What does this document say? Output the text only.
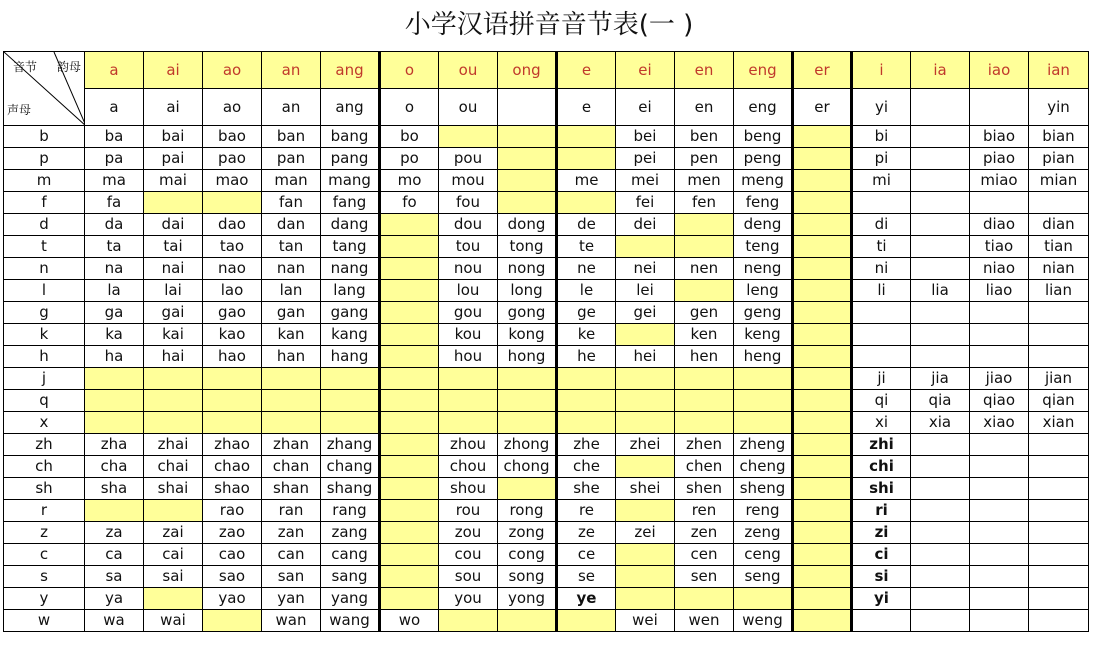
小学汉语拼音音节表(一 )
音节 韵母
声母	a	ai	ao	an	ang	o	ou	ong	e	ei	en	eng	er	i	ia	iao	ian
	a	ai	ao	an	ang	o	ou		e	ei	en	eng	er	yi			yin
b	ba	bai	bao	ban	bang	bo				bei	ben	beng		bi		biao	bian
p	pa	pai	pao	pan	pang	po	pou			pei	pen	peng		pi		piao	pian
m	ma	mai	mao	man	mang	mo	mou		me	mei	men	meng		mi		miao	mian
f	fa			fan	fang	fo	fou			fei	fen	feng					
d	da	dai	dao	dan	dang		dou	dong	de	dei		deng		di		diao	dian
t	ta	tai	tao	tan	tang		tou	tong	te			teng		ti		tiao	tian
n	na	nai	nao	nan	nang		nou	nong	ne	nei	nen	neng		ni		niao	nian
l	la	lai	lao	lan	lang		lou	long	le	lei		leng		li	lia	liao	lian
g	ga	gai	gao	gan	gang		gou	gong	ge	gei	gen	geng					
k	ka	kai	kao	kan	kang		kou	kong	ke		ken	keng					
h	ha	hai	hao	han	hang		hou	hong	he	hei	hen	heng					
j														ji	jia	jiao	jian
q														qi	qia	qiao	qian
x														xi	xia	xiao	xian
zh	zha	zhai	zhao	zhan	zhang		zhou	zhong	zhe	zhei	zhen	zheng		zhi			
ch	cha	chai	chao	chan	chang		chou	chong	che		chen	cheng		chi			
sh	sha	shai	shao	shan	shang		shou		she	shei	shen	sheng		shi			
r			rao	ran	rang		rou	rong	re		ren	reng		ri			
z	za	zai	zao	zan	zang		zou	zong	ze	zei	zen	zeng		zi			
c	ca	cai	cao	can	cang		cou	cong	ce		cen	ceng		ci			
s	sa	sai	sao	san	sang		sou	song	se		sen	seng		si			
y	ya		yao	yan	yang		you	yong	ye					yi			
w	wa	wai		wan	wang	wo				wei	wen	weng					
